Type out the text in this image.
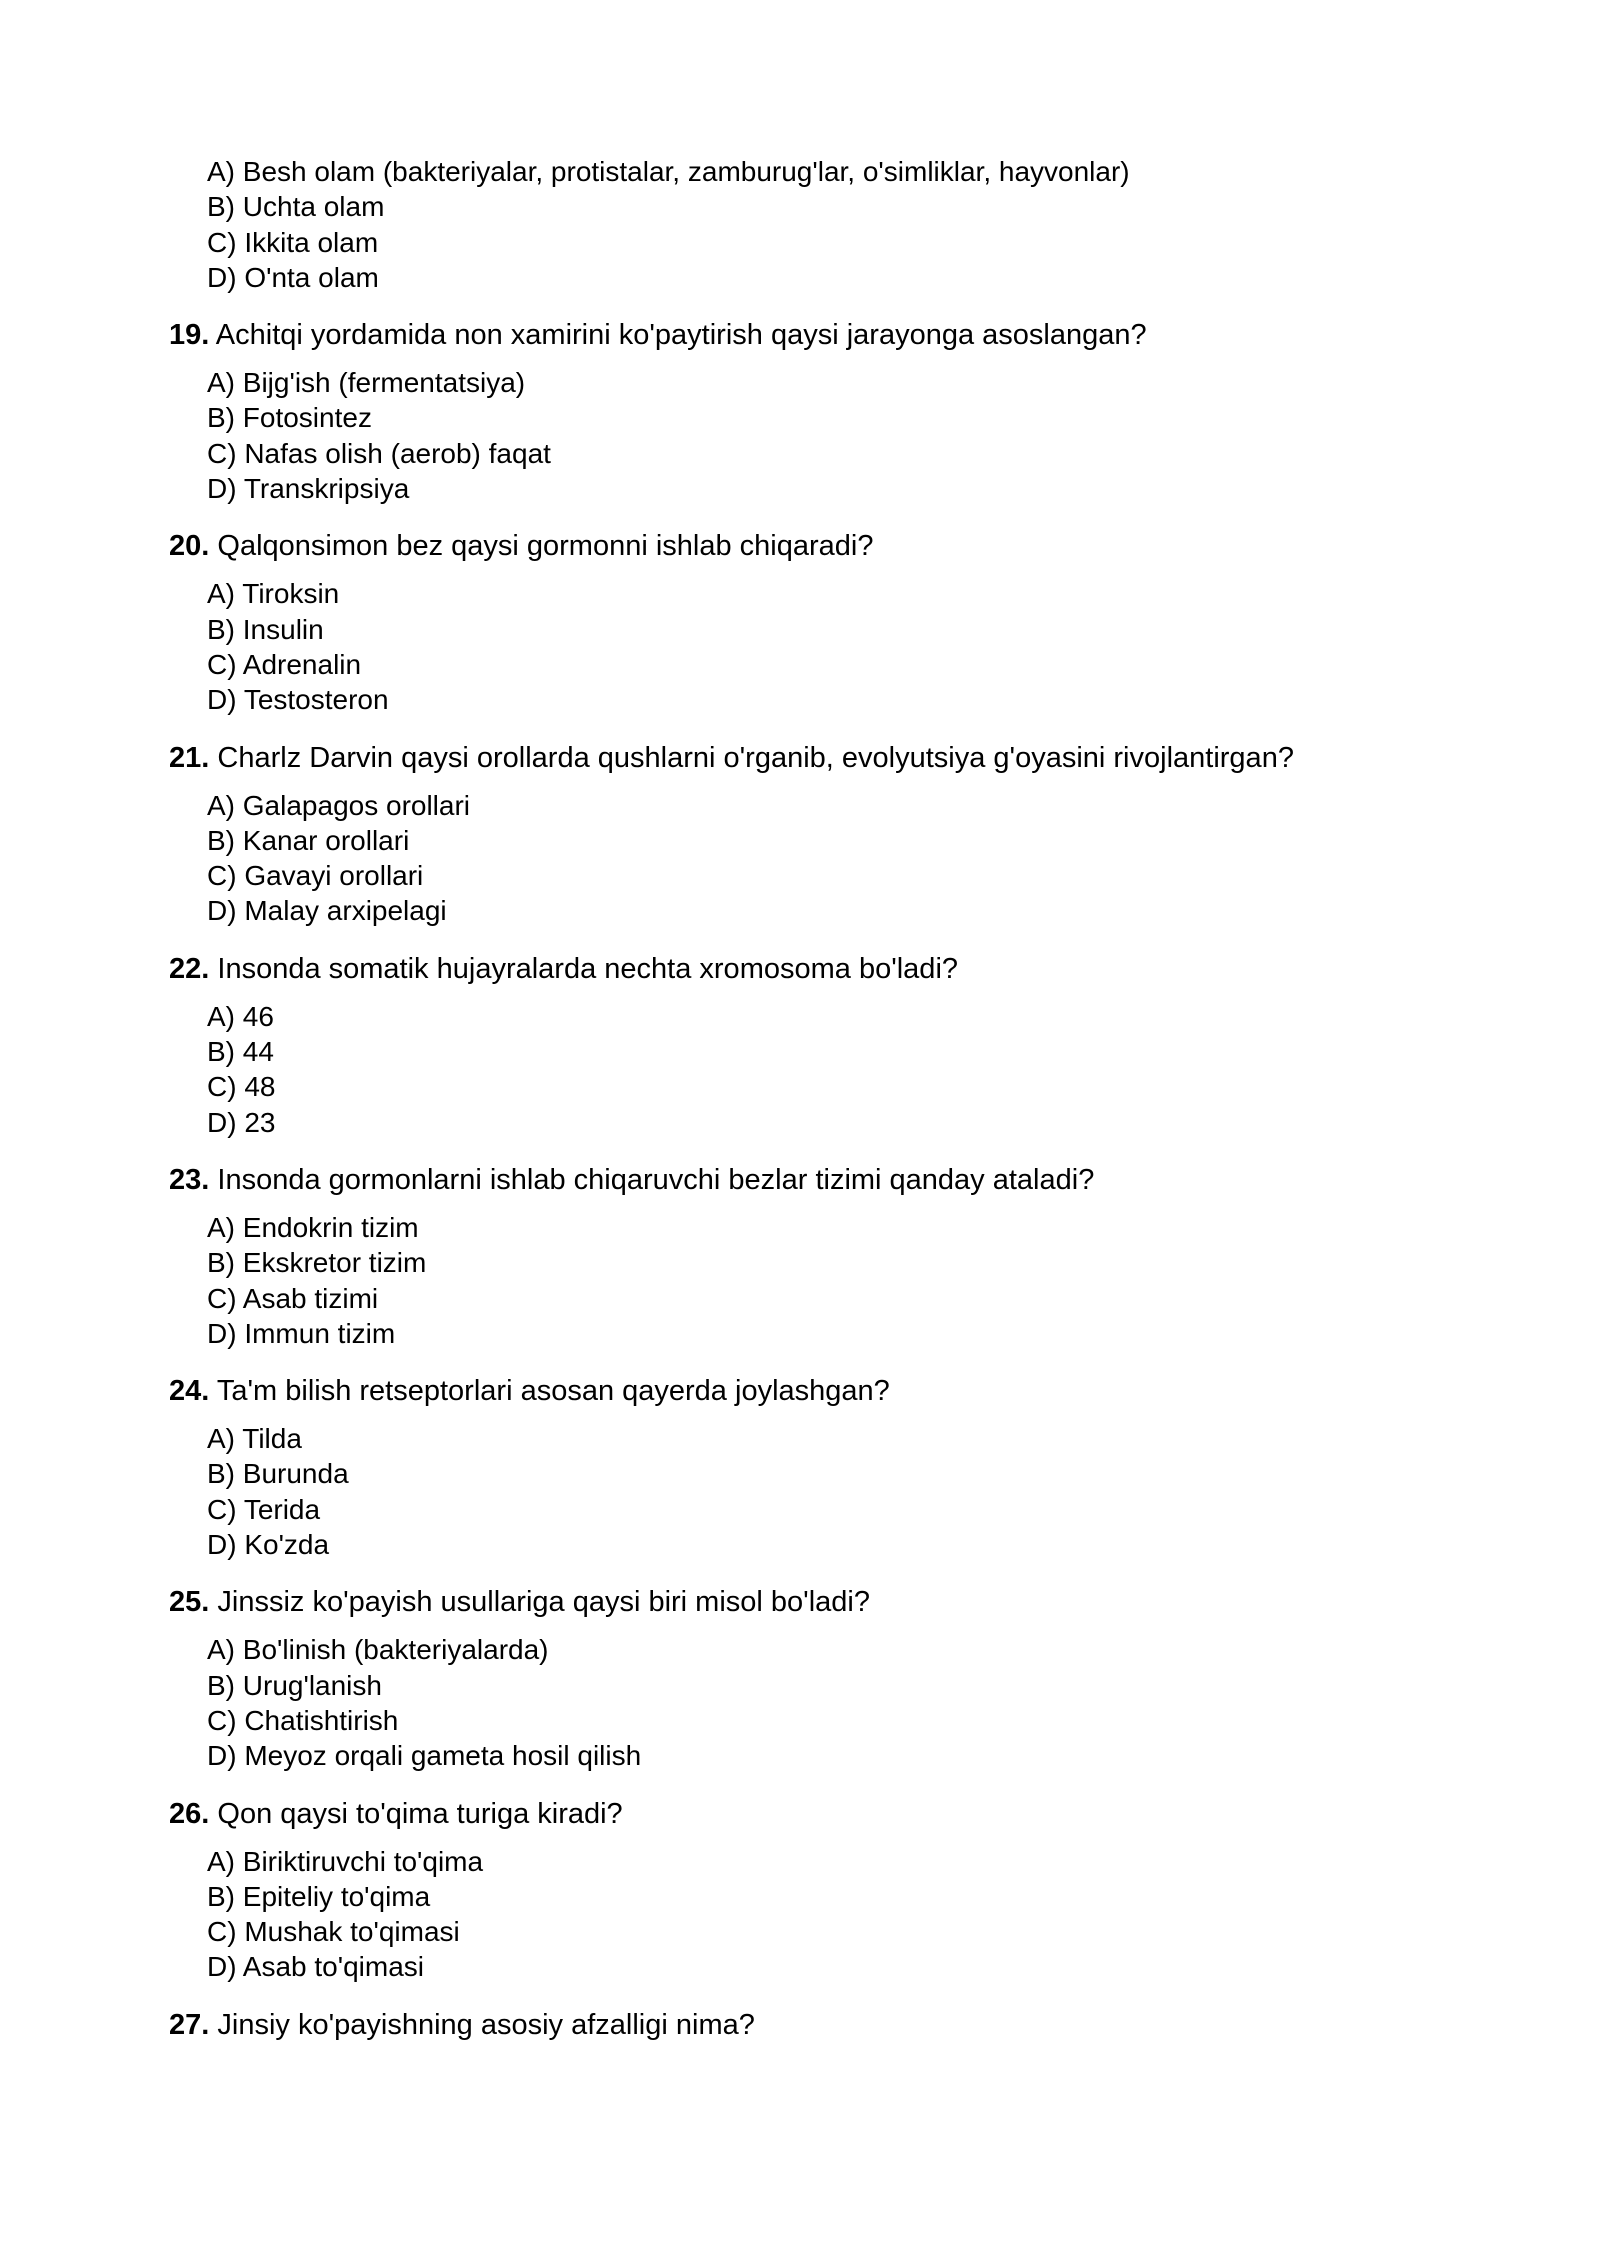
A) Besh olam (bakteriyalar, protistalar, zamburug'lar, o'simliklar, hayvonlar)
B) Uchta olam
C) Ikkita olam
D) O'nta olam
19. Achitqi yordamida non xamirini ko'paytirish qaysi jarayonga asoslangan?
A) Bijg'ish (fermentatsiya)
B) Fotosintez
C) Nafas olish (aerob) faqat
D) Transkripsiya
20. Qalqonsimon bez qaysi gormonni ishlab chiqaradi?
A) Tiroksin
B) Insulin
C) Adrenalin
D) Testosteron
21. Charlz Darvin qaysi orollarda qushlarni o'rganib, evolyutsiya g'oyasini rivojlantirgan?
A) Galapagos orollari
B) Kanar orollari
C) Gavayi orollari
D) Malay arxipelagi
22. Insonda somatik hujayralarda nechta xromosoma bo'ladi?
A) 46
B) 44
C) 48
D) 23
23. Insonda gormonlarni ishlab chiqaruvchi bezlar tizimi qanday ataladi?
A) Endokrin tizim
B) Ekskretor tizim
C) Asab tizimi
D) Immun tizim
24. Ta'm bilish retseptorlari asosan qayerda joylashgan?
A) Tilda
B) Burunda
C) Terida
D) Ko'zda
25. Jinssiz ko'payish usullariga qaysi biri misol bo'ladi?
A) Bo'linish (bakteriyalarda)
B) Urug'lanish
C) Chatishtirish
D) Meyoz orqali gameta hosil qilish
26. Qon qaysi to'qima turiga kiradi?
A) Biriktiruvchi to'qima
B) Epiteliy to'qima
C) Mushak to'qimasi
D) Asab to'qimasi
27. Jinsiy ko'payishning asosiy afzalligi nima?
